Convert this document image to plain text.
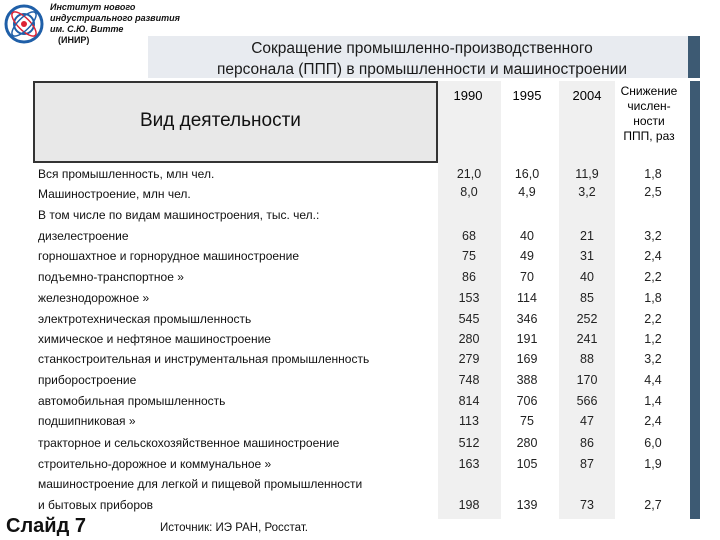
Институт нового
индустриального развития
им. С.Ю. Витте
(ИНИР)	Сокращение промышленно-производственного
персонала (ППП) в промышленности и машиностроении
Вид деятельности
1990	1995	2004	Снижение
числен-
ности
ППП, раз
Вся промышленность, млн чел.	21,0	16,0	11,9	1,8
Машиностроение, млн чел.	8,0	4,9	3,2	2,5
В том числе по видам машиностроения, тыс. чел.:
дизелестроение	68	40	21	3,2
горношахтное и горнорудное машиностроение	75	49	31	2,4
подъемно-транспортное »	86	70	40	2,2
железнодорожное »	153	114	85	1,8
электротехническая промышленность	545	346	252	2,2
химическое и нефтяное машиностроение	280	191	241	1,2
станкостроительная и инструментальная промышленность	279	169	88	3,2
приборостроение	748	388	170	4,4
автомобильная промышленность	814	706	566	1,4
подшипниковая »	113	75	47	2,4
тракторное и сельскохозяйственное машиностроение	512	280	86	6,0
строительно-дорожное и коммунальное »	163	105	87	1,9
машиностроение для легкой и пищевой промышленности
и бытовых приборов	198	139	73	2,7
Слайд 7	Источник: ИЭ РАН, Росстат.
